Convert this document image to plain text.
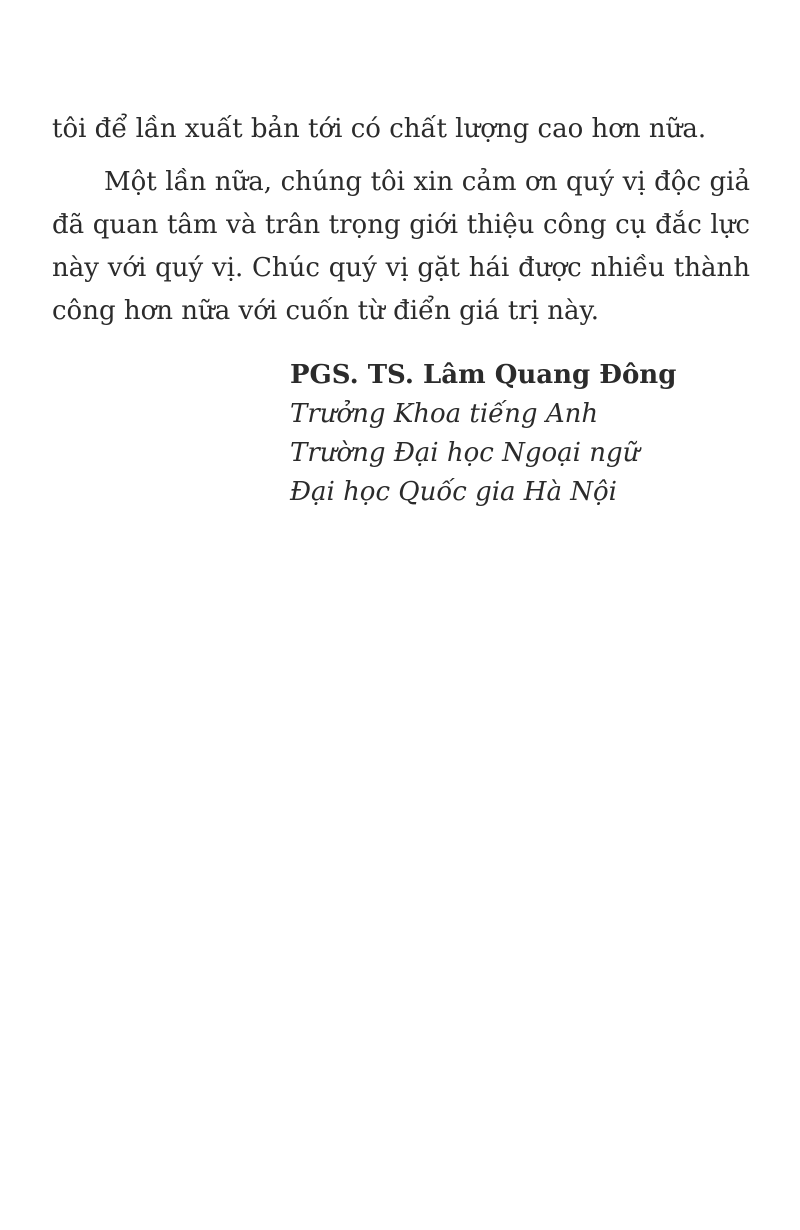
tôi để lần xuất bản tới có chất lượng cao hơn nữa.

Một lần nữa, chúng tôi xin cảm ơn quý vị độc giả đã quan tâm và trân trọng giới thiệu công cụ đắc lực này với quý vị. Chúc quý vị gặt hái được nhiều thành công hơn nữa với cuốn từ điển giá trị này.

PGS. TS. Lâm Quang Đông
Trưởng Khoa tiếng Anh
Trường Đại học Ngoại ngữ
Đại học Quốc gia Hà Nội
